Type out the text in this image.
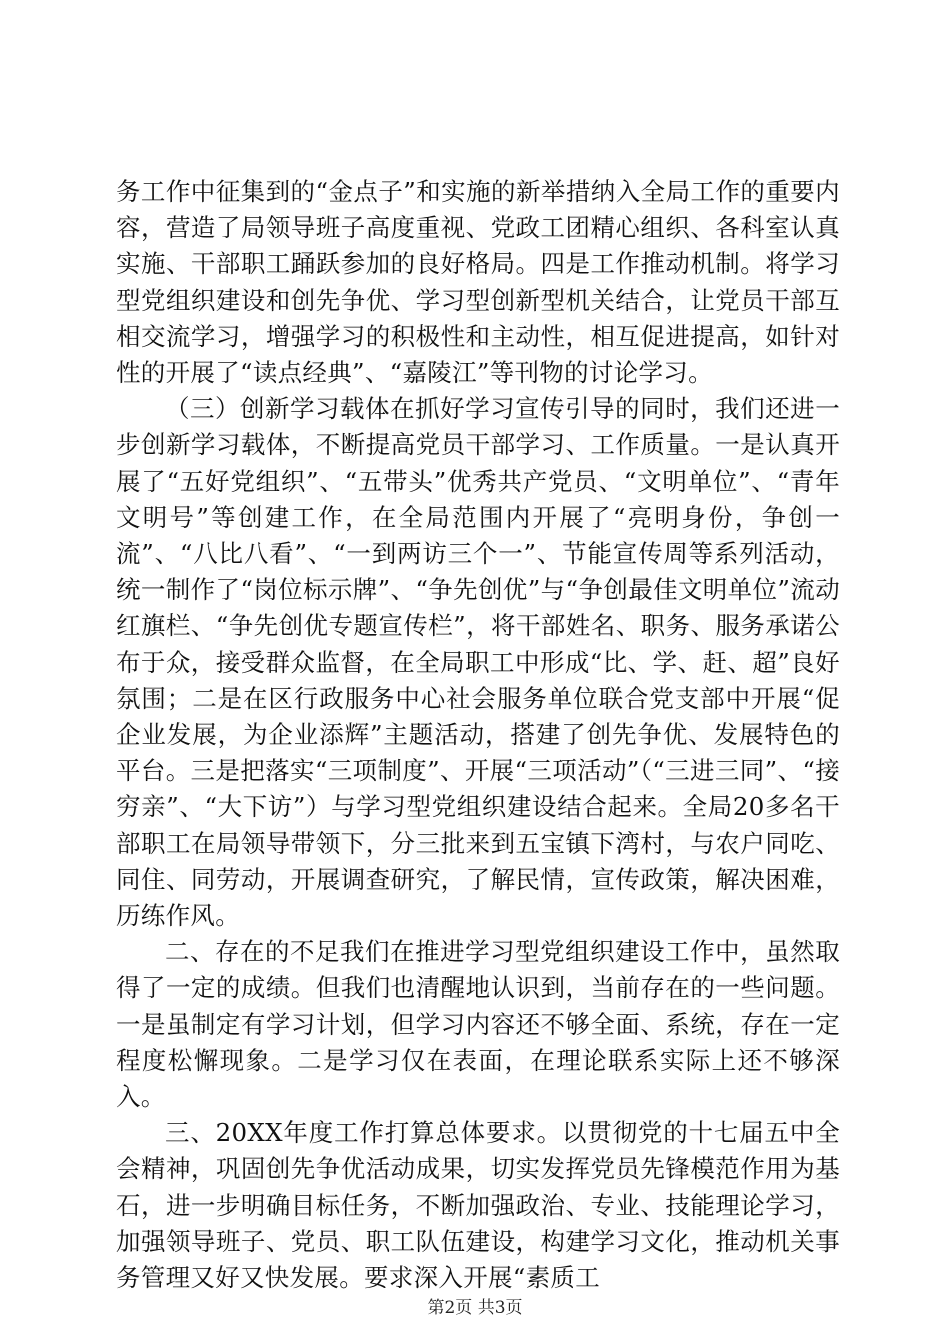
务工作中征集到的“金点子”和实施的新举措纳入全局工作的重要内容，营造了局领导班子高度重视、党政工团精心组织、各科室认真实施、干部职工踊跃参加的良好格局。四是工作推动机制。将学习型党组织建设和创先争优、学习型创新型机关结合，让党员干部互相交流学习，增强学习的积极性和主动性，相互促进提高，如针对性的开展了“读点经典”、“嘉陵江”等刊物的讨论学习。

（三）创新学习载体在抓好学习宣传引导的同时，我们还进一步创新学习载体，不断提高党员干部学习、工作质量。一是认真开展了“五好党组织”、“五带头”优秀共产党员、“文明单位”、“青年文明号”等创建工作，在全局范围内开展了“亮明身份，争创一流”、“八比八看”、“一到两访三个一”、节能宣传周等系列活动，统一制作了“岗位标示牌”、“争先创优”与“争创最佳文明单位”流动红旗栏、“争先创优专题宣传栏”，将干部姓名、职务、服务承诺公布于众，接受群众监督，在全局职工中形成“比、学、赶、超”良好氛围；二是在区行政服务中心社会服务单位联合党支部中开展“促企业发展，为企业添辉”主题活动，搭建了创先争优、发展特色的平台。三是把落实“三项制度”、开展“三项活动”（“三进三同”、“接穷亲”、“大下访”）与学习型党组织建设结合起来。全局20多名干部职工在局领导带领下，分三批来到五宝镇下湾村，与农户同吃、同住、同劳动，开展调查研究，了解民情，宣传政策，解决困难，历练作风。

二、存在的不足我们在推进学习型党组织建设工作中，虽然取得了一定的成绩。但我们也清醒地认识到，当前存在的一些问题。一是虽制定有学习计划，但学习内容还不够全面、系统，存在一定程度松懈现象。二是学习仅在表面，在理论联系实际上还不够深入。

三、20XX年度工作打算总体要求。以贯彻党的十七届五中全会精神，巩固创先争优活动成果，切实发挥党员先锋模范作用为基石，进一步明确目标任务，不断加强政治、专业、技能理论学习，加强领导班子、党员、职工队伍建设，构建学习文化，推动机关事务管理又好又快发展。要求深入开展“素质工

第2页 共3页
